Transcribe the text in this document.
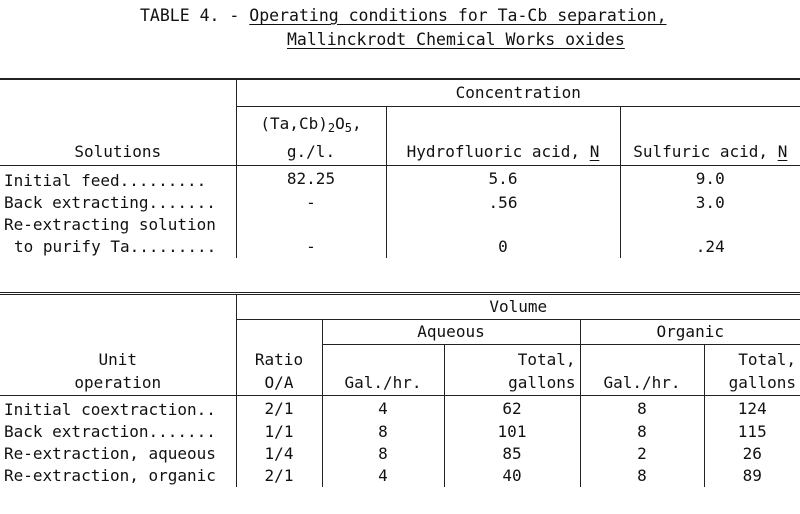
TABLE 4. - Operating conditions for Ta-Cb separation,
Mallinckrodt Chemical Works oxides
	Concentration		
	$(Ta,Cb)_2O_5$,		
Solutions	g./l.	Hydrofluoric acid, N	Sulfuric acid, N
Initial feed.........	82.25	5.6	9.0
Back extracting.......	-	.56	3.0
Re-extracting solution			
to purify Ta.........	-	0	.24
	Volume				
		Aqueous		Organic	
Unit	Ratio		Total,		Total,
operation	O/A	Gal./hr.	gallons	Gal./hr.	gallons
Initial coextraction..	2/1	4	62	8	124
Back extraction.......	1/1	8	101	8	115
Re-extraction, aqueous	1/4	8	85	2	26
Re-extraction, organic	2/1	4	40	8	89
